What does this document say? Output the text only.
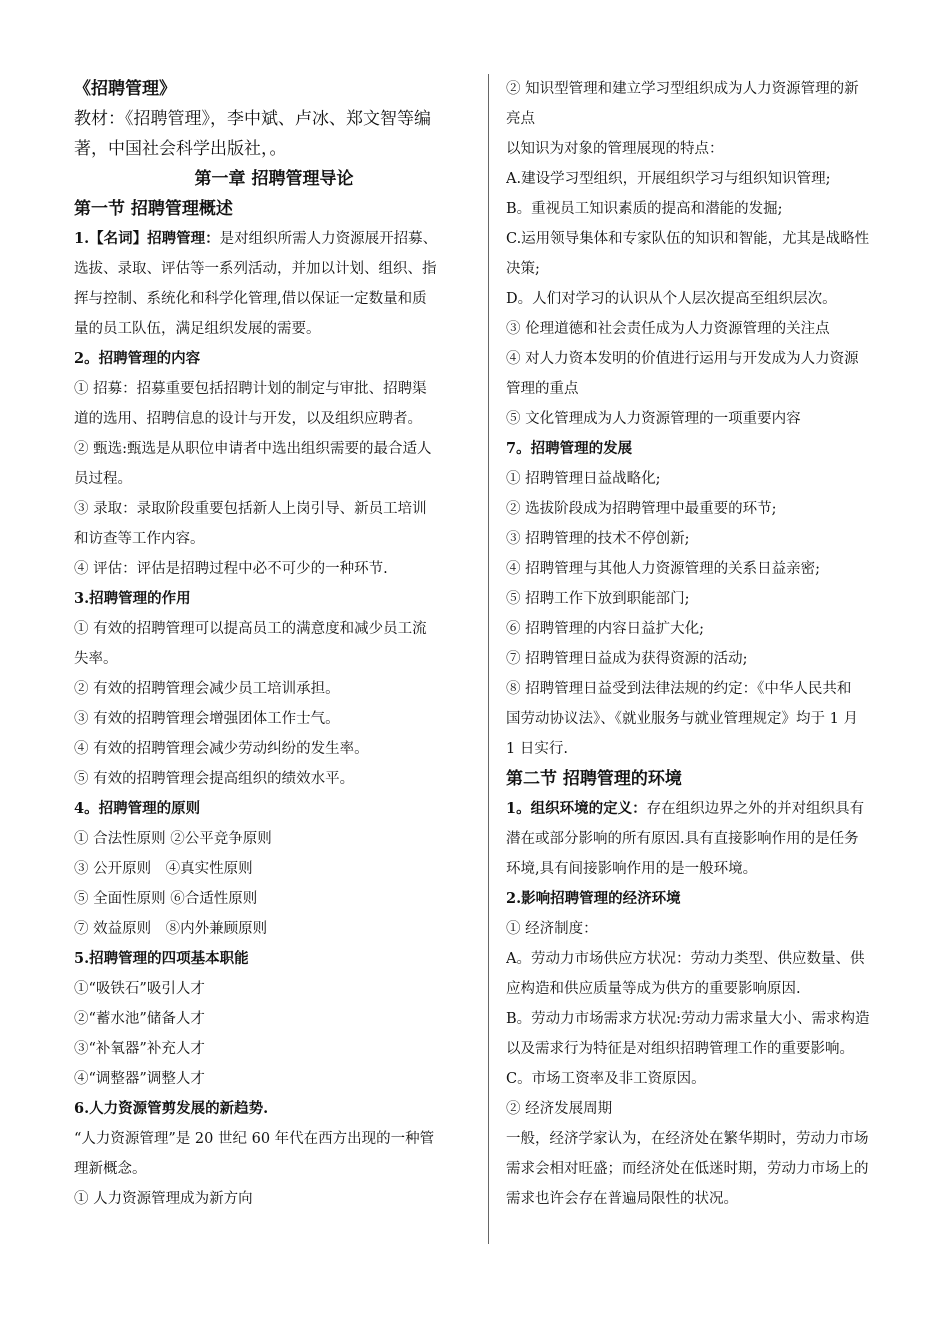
《招聘管理》
教材：《招聘管理》，李中斌、卢冰、郑文智等编
著，中国社会科学出版社，。
第一章 招聘管理导论
第一节 招聘管理概述
1.【名词】招聘管理：是对组织所需人力资源展开招募、
选拔、录取、评估等一系列活动，并加以计划、组织、指
挥与控制、系统化和科学化管理,借以保证一定数量和质
量的员工队伍，满足组织发展的需要。
2。招聘管理的内容
① 招募：招募重要包括招聘计划的制定与审批、招聘渠
道的选用、招聘信息的设计与开发，以及组织应聘者。
② 甄选:甄选是从职位申请者中选出组织需要的最合适人
员过程。
③ 录取：录取阶段重要包括新人上岗引导、新员工培训
和访查等工作内容。
④ 评估：评估是招聘过程中必不可少的一种环节.
3.招聘管理的作用
① 有效的招聘管理可以提高员工的满意度和减少员工流
失率。
② 有效的招聘管理会减少员工培训承担。
③ 有效的招聘管理会增强团体工作士气。
④ 有效的招聘管理会减少劳动纠纷的发生率。
⑤ 有效的招聘管理会提高组织的绩效水平。
4。招聘管理的原则
① 合法性原则 ②公平竞争原则
③ 公开原则　④真实性原则
⑤ 全面性原则 ⑥合适性原则
⑦ 效益原则　⑧内外兼顾原则
5.招聘管理的四项基本职能
①“吸铁石”吸引人才
②“蓄水池”储备人才
③“补氧器”补充人才
④“调整器”调整人才
6.人力资源管剪发展的新趋势.
“人力资源管理”是 20 世纪 60 年代在西方出现的一种管
理新概念。
① 人力资源管理成为新方向
② 知识型管理和建立学习型组织成为人力资源管理的新
亮点
以知识为对象的管理展现的特点：
A.建设学习型组织，开展组织学习与组织知识管理;
B。重视员工知识素质的提高和潜能的发掘;
C.运用领导集体和专家队伍的知识和智能，尤其是战略性
决策;
D。人们对学习的认识从个人层次提高至组织层次。
③ 伦理道德和社会责任成为人力资源管理的关注点
④ 对人力资本发明的价值进行运用与开发成为人力资源
管理的重点
⑤ 文化管理成为人力资源管理的一项重要内容
7。招聘管理的发展
① 招聘管理日益战略化;
② 选拔阶段成为招聘管理中最重要的环节;
③ 招聘管理的技术不停创新;
④ 招聘管理与其他人力资源管理的关系日益亲密;
⑤ 招聘工作下放到职能部门;
⑥ 招聘管理的内容日益扩大化;
⑦ 招聘管理日益成为获得资源的活动;
⑧ 招聘管理日益受到法律法规的约定：《中华人民共和
国劳动协议法》、《就业服务与就业管理规定》均于 1 月
1 日实行.
第二节 招聘管理的环境
1。组织环境的定义：存在组织边界之外的并对组织具有
潜在或部分影响的所有原因.具有直接影响作用的是任务
环境,具有间接影响作用的是一般环境。
2.影响招聘管理的经济环境
① 经济制度：
A。劳动力市场供应方状况：劳动力类型、供应数量、供
应构造和供应质量等成为供方的重要影响原因.
B。劳动力市场需求方状况:劳动力需求量大小、需求构造
以及需求行为特征是对组织招聘管理工作的重要影响。
C。市场工资率及非工资原因。
② 经济发展周期
一般，经济学家认为，在经济处在繁华期时，劳动力市场
需求会相对旺盛；而经济处在低迷时期，劳动力市场上的
需求也许会存在普遍局限性的状况。
